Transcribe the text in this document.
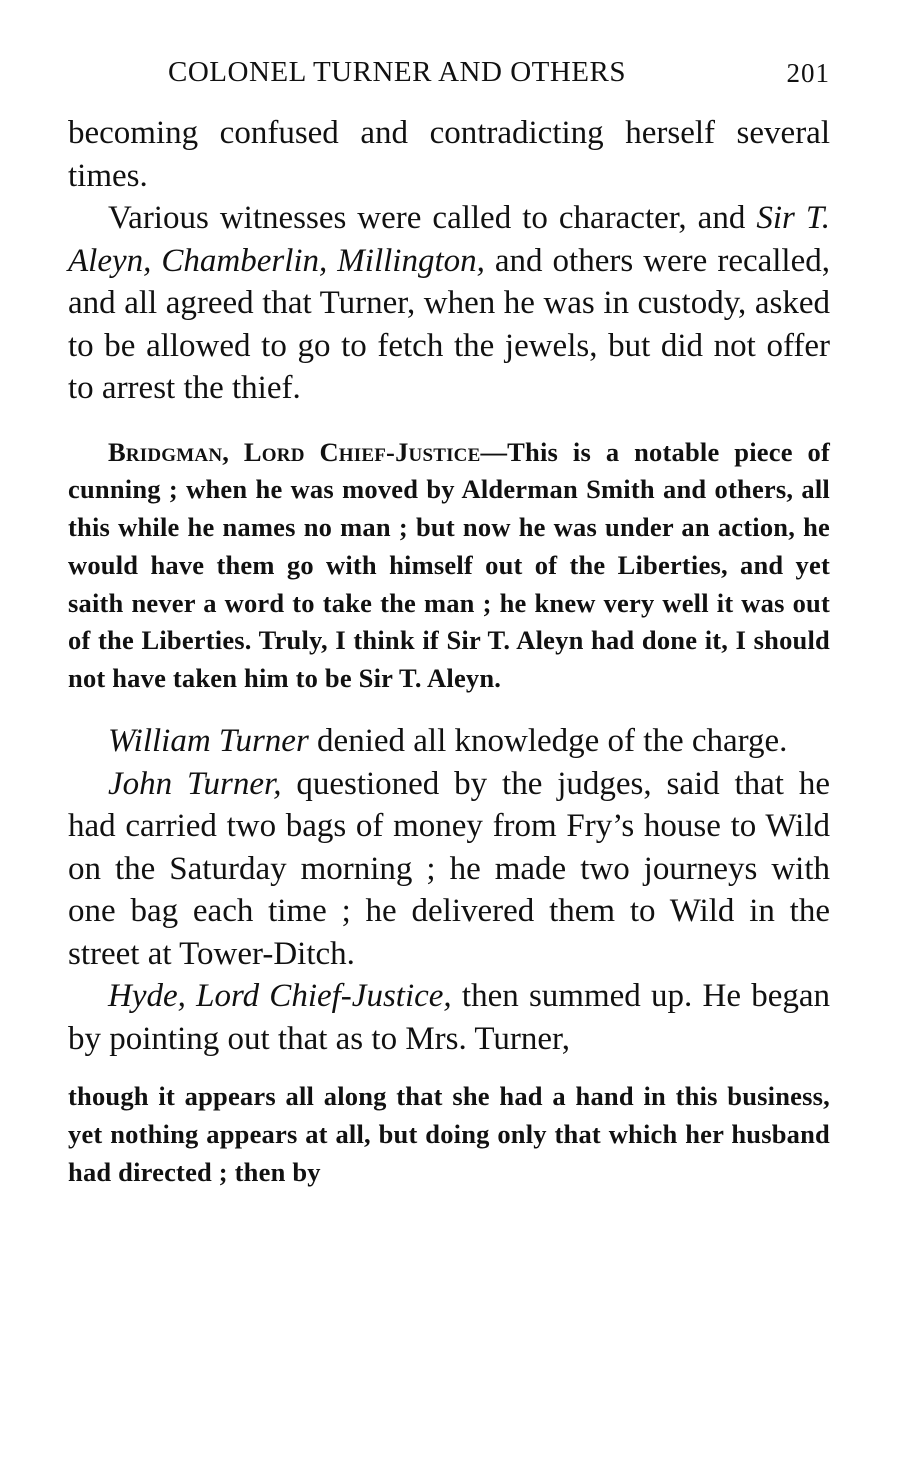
COLONEL TURNER AND OTHERS	201

becoming confused and contradicting herself several times.

Various witnesses were called to character, and Sir T. Aleyn, Chamberlin, Millington, and others were recalled, and all agreed that Turner, when he was in custody, asked to be allowed to go to fetch the jewels, but did not offer to arrest the thief.

Bridgman, Lord Chief-Justice—This is a notable piece of cunning ; when he was moved by Alderman Smith and others, all this while he names no man ; but now he was under an action, he would have them go with himself out of the Liberties, and yet saith never a word to take the man ; he knew very well it was out of the Liberties. Truly, I think if Sir T. Aleyn had done it, I should not have taken him to be Sir T. Aleyn.

William Turner denied all knowledge of the charge.

John Turner, questioned by the judges, said that he had carried two bags of money from Fry’s house to Wild on the Saturday morning ; he made two journeys with one bag each time ; he delivered them to Wild in the street at Tower-Ditch.

Hyde, Lord Chief-Justice, then summed up. He began by pointing out that as to Mrs. Turner,

though it appears all along that she had a hand in this business, yet nothing appears at all, but doing only that which her husband had directed ; then by
